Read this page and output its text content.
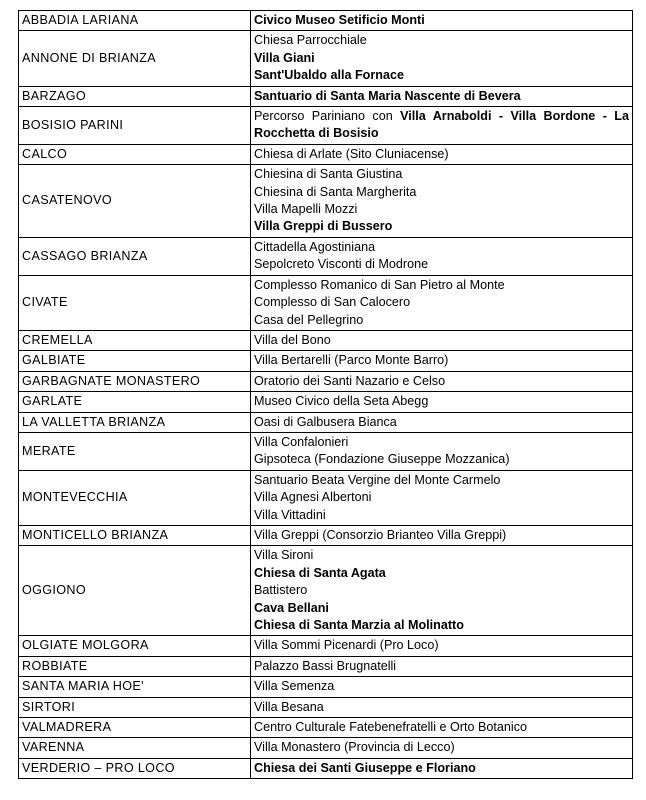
ABBADIA LARIANA	Civico Museo Setificio Monti

ANNONE DI BRIANZA	Chiesa Parrocchiale
Villa Giani
Sant'Ubaldo alla Fornace

BARZAGO	Santuario di Santa Maria Nascente di Bevera

BOSISIO PARINI	Percorso Pariniano con Villa Arnaboldi - Villa Bordone - La Rocchetta di Bosisio

CALCO	Chiesa di Arlate (Sito Cluniacense)

CASATENOVO	Chiesina di Santa Giustina
Chiesina di Santa Margherita
Villa Mapelli Mozzi
Villa Greppi di Bussero

CASSAGO BRIANZA	Cittadella Agostiniana
Sepolcreto Visconti di Modrone

CIVATE	Complesso Romanico di San Pietro al Monte
Complesso di San Calocero
Casa del Pellegrino

CREMELLA	Villa del Bono

GALBIATE	Villa Bertarelli (Parco Monte Barro)

GARBAGNATE MONASTERO	Oratorio dei Santi Nazario e Celso

GARLATE	Museo Civico della Seta Abegg

LA VALLETTA BRIANZA	Oasi di Galbusera Bianca

MERATE	Villa Confalonieri
Gipsoteca (Fondazione Giuseppe Mozzanica)

MONTEVECCHIA	Santuario Beata Vergine del Monte Carmelo
Villa Agnesi Albertoni
Villa Vittadini

MONTICELLO BRIANZA	Villa Greppi (Consorzio Brianteo Villa Greppi)

OGGIONO	Villa Sironi
Chiesa di Santa Agata
Battistero
Cava Bellani
Chiesa di Santa Marzia al Molinatto

OLGIATE MOLGORA	Villa Sommi Picenardi (Pro Loco)

ROBBIATE	Palazzo Bassi Brugnatelli

SANTA MARIA HOE'	Villa Semenza

SIRTORI	Villa Besana

VALMADRERA	Centro Culturale Fatebenefratelli e Orto Botanico

VARENNA	Villa Monastero (Provincia di Lecco)

VERDERIO – PRO LOCO	Chiesa dei Santi Giuseppe e Floriano
